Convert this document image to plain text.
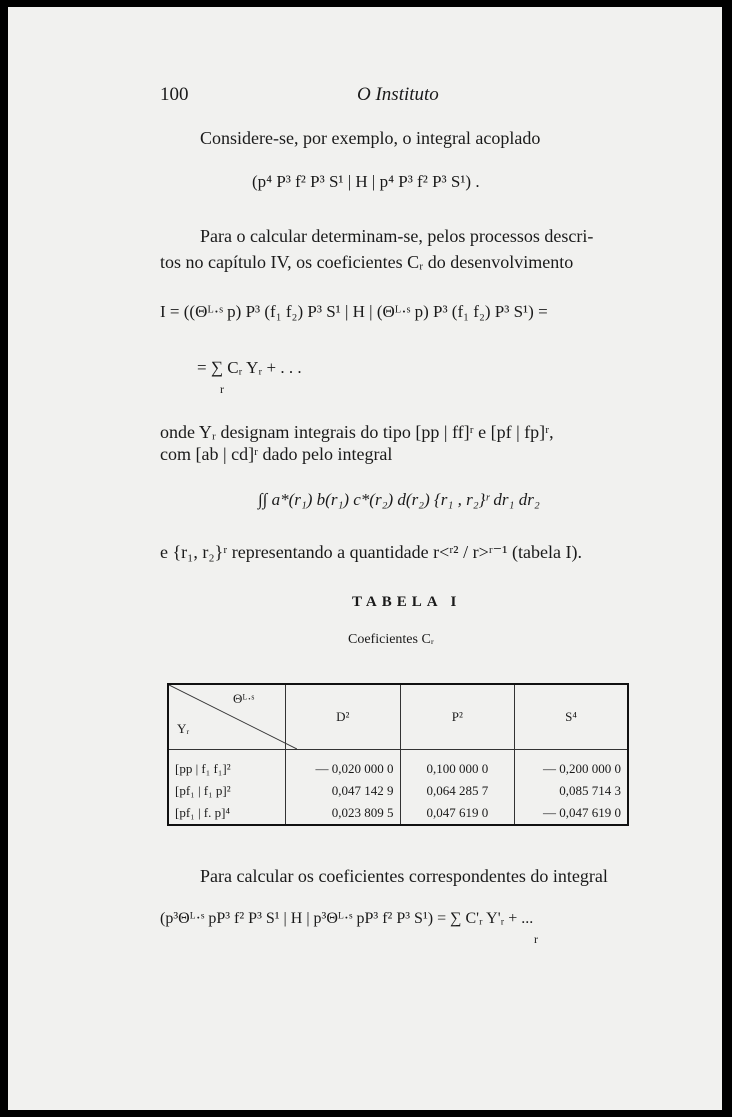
100	O Instituto
Considere-se, por exemplo, o integral acoplado
(p⁴ P³ f² P³ S¹ | H | p⁴ P³ f² P³ S¹) .
Para o calcular determinam-se, pelos processos descri-
tos no capítulo IV, os coeficientes Cᵣ do desenvolvimento
I = ((Θᴸ·ˢ p) P³ (f₁ f₂) P³ S¹ | H | (Θᴸ·ˢ p) P³ (f₁ f₂) P³ S¹) =
= ∑ Cᵣ Yᵣ + . . .
r
onde Yᵣ designam integrais do tipo [pp | ff]ʳ e [pf | fp]ʳ,
com [ab | cd]ʳ dado pelo integral
∫∫ a*(r₁) b(r₁) c*(r₂) d(r₂) {r₁ , r₂}ʳ dr₁ dr₂
e {r₁, r₂}ʳ representando a quantidade r<ʳ² / r>ʳ⁻¹ (tabela I).
TABELA I
Coeficientes Cᵣ
Θᴸ·ˢ
Yᵣ	D²	P²	S⁴
[pp | f₁ f₁]²	— 0,020 000 0	0,100 000 0	— 0,200 000 0
[pf₁ | f₁ p]²	0,047 142 9	0,064 285 7	0,085 714 3
[pf₁ | f. p]⁴	0,023 809 5	0,047 619 0	— 0,047 619 0
Para calcular os coeficientes correspondentes do integral
(p³Θᴸ·ˢ pP³ f² P³ S¹ | H | p³Θᴸ·ˢ pP³ f² P³ S¹) = ∑ C'ᵣ Y'ᵣ + ...
r
